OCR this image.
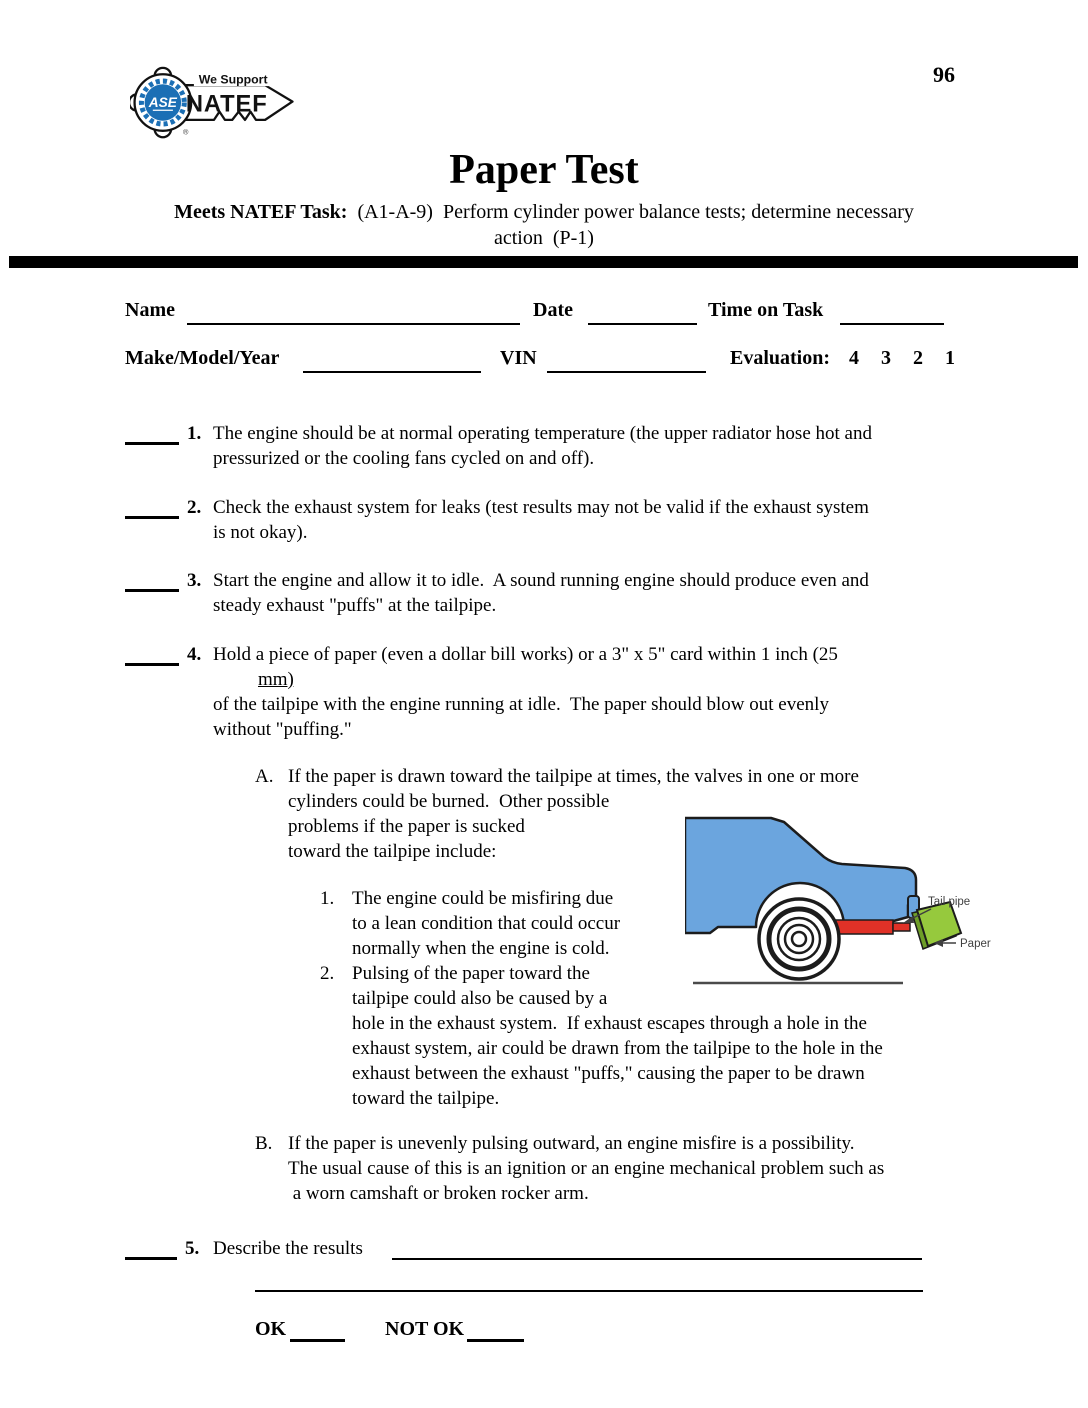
96
ASE
We Support
NATEF
®
Paper Test
Meets NATEF Task:  (A1-A-9)  Perform cylinder power balance tests; determine necessary
action  (P-1)
Name	Date	Time on Task
Make/Model/Year	VIN	Evaluation: 4 3 2 1
1. The engine should be at normal operating temperature (the upper radiator hose hot and
pressurized or the cooling fans cycled on and off).
2. Check the exhaust system for leaks (test results may not be valid if the exhaust system
is not okay).
3. Start the engine and allow it to idle.  A sound running engine should produce even and
steady exhaust "puffs" at the tailpipe.
4. Hold a piece of paper (even a dollar bill works) or a 3" x 5" card within 1 inch (25
mm)
of the tailpipe with the engine running at idle.  The paper should blow out evenly
without "puffing."
A. If the paper is drawn toward the tailpipe at times, the valves in one or more
cylinders could be burned.  Other possible
problems if the paper is sucked
toward the tailpipe include:
1. The engine could be misfiring due
to a lean condition that could occur
normally when the engine is cold.
2. Pulsing of the paper toward the
tailpipe could also be caused by a
hole in the exhaust system.  If exhaust escapes through a hole in the
exhaust system, air could be drawn from the tailpipe to the hole in the
exhaust between the exhaust "puffs," causing the paper to be drawn
toward the tailpipe.
Tail pipe
Paper
B. If the paper is unevenly pulsing outward, an engine misfire is a possibility.
The usual cause of this is an ignition or an engine mechanical problem such as
a worn camshaft or broken rocker arm.
5. Describe the results
OK	NOT OK
